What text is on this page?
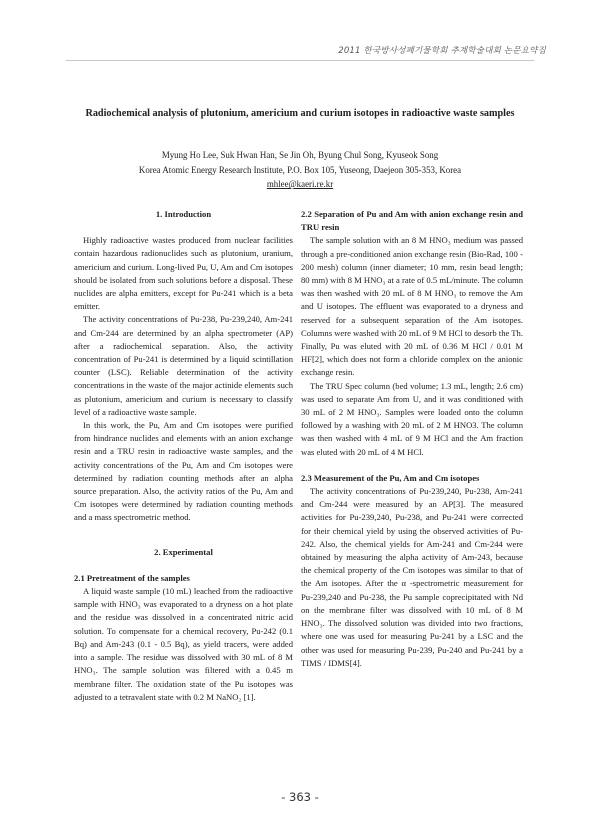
2011 한국방사성폐기물학회 추계학술대회 논문요약집
Radiochemical analysis of plutonium, americium and curium isotopes in radioactive waste samples
Myung Ho Lee, Suk Hwan Han, Se Jin Oh, Byung Chul Song, Kyuseok Song
Korea Atomic Energy Research Institute, P.O. Box 105, Yuseong, Daejeon 305-353, Korea
mhlee@kaeri.re.kr
1. Introduction

Highly radioactive wastes produced from nuclear facilities contain hazardous radionuclides such as plutonium, uranium, americium and curium. Long-lived Pu, U, Am and Cm isotopes should be isolated from such solutions before a disposal. These nuclides are alpha emitters, except for Pu-241 which is a beta emitter.

The activity concentrations of Pu-238, Pu-239,240, Am-241 and Cm-244 are determined by an alpha spectrometer (AP) after a radiochemical separation. Also, the activity concentration of Pu-241 is determined by a liquid scintillation counter (LSC). Reliable determination of the activity concentrations in the waste of the major actinide elements such as plutonium, americium and curium is necessary to classify level of a radioactive waste sample.

In this work, the Pu, Am and Cm isotopes were purified from hindrance nuclides and elements with an anion exchange resin and a TRU resin in radioactive waste samples, and the activity concentrations of the Pu, Am and Cm isotopes were determined by radiation counting methods after an alpha source preparation. Also, the activity ratios of the Pu, Am and Cm isotopes were determined by radiation counting methods and a mass spectrometric method.

2. Experimental
2.1 Pretreatment of the samples

A liquid waste sample (10 mL) leached from the radioactive sample with HNO₃ was evaporated to a dryness on a hot plate and the residue was dissolved in a concentrated nitric acid solution. To compensate for a chemical recovery, Pu-242 (0.1 Bq) and Am-243 (0.1 - 0.5 Bq), as yield tracers, were added into a sample. The residue was dissolved with 30 mL of 8 M HNO₃. The sample solution was filtered with a 0.45 m membrane filter. The oxidation state of the Pu isotopes was adjusted to a tetravalent state with 0.2 M NaNO₂ [1].

2.2 Separation of Pu and Am with anion exchange resin and TRU resin

The sample solution with an 8 M HNO₃ medium was passed through a pre-conditioned anion exchange resin (Bio-Rad, 100 - 200 mesh) column (inner diameter; 10 mm, resin bead length; 80 mm) with 8 M HNO₃ at a rate of 0.5 mL/minute. The column was then washed with 20 mL of 8 M HNO₃ to remove the Am and U isotopes. The effluent was evaporated to a dryness and reserved for a subsequent separation of the Am isotopes. Columns were washed with 20 mL of 9 M HCl to desorb the Th. Finally, Pu was eluted with 20 mL of 0.36 M HCl / 0.01 M HF[2], which does not form a chloride complex on the anionic exchange resin.

The TRU Spec column (bed volume; 1.3 mL, length; 2.6 cm) was used to separate Am from U, and it was conditioned with 30 mL of 2 M HNO₃. Samples were loaded onto the column followed by a washing with 20 mL of 2 M HNO3. The column was then washed with 4 mL of 9 M HCl and the Am fraction was eluted with 20 mL of 4 M HCl.

2.3 Measurement of the Pu, Am and Cm isotopes

The activity concentrations of Pu-239,240, Pu-238, Am-241 and Cm-244 were measured by an AP[3]. The measured activities for Pu-239,240, Pu-238, and Pu-241 were corrected for their chemical yield by using the observed activities of Pu-242. Also, the chemical yields for Am-241 and Cm-244 were obtained by measuring the alpha activity of Am-243, because the chemical property of the Cm isotopes was similar to that of the Am isotopes. After the α -spectrometric measurement for Pu-239,240 and Pu-238, the Pu sample coprecipitated with Nd on the membrane filter was dissolved with 10 mL of 8 M HNO₃. The dissolved solution was divided into two fractions, where one was used for measuring Pu-241 by a LSC and the other was used for measuring Pu-239, Pu-240 and Pu-241 by a TIMS / IDMS[4].

- 363 -
